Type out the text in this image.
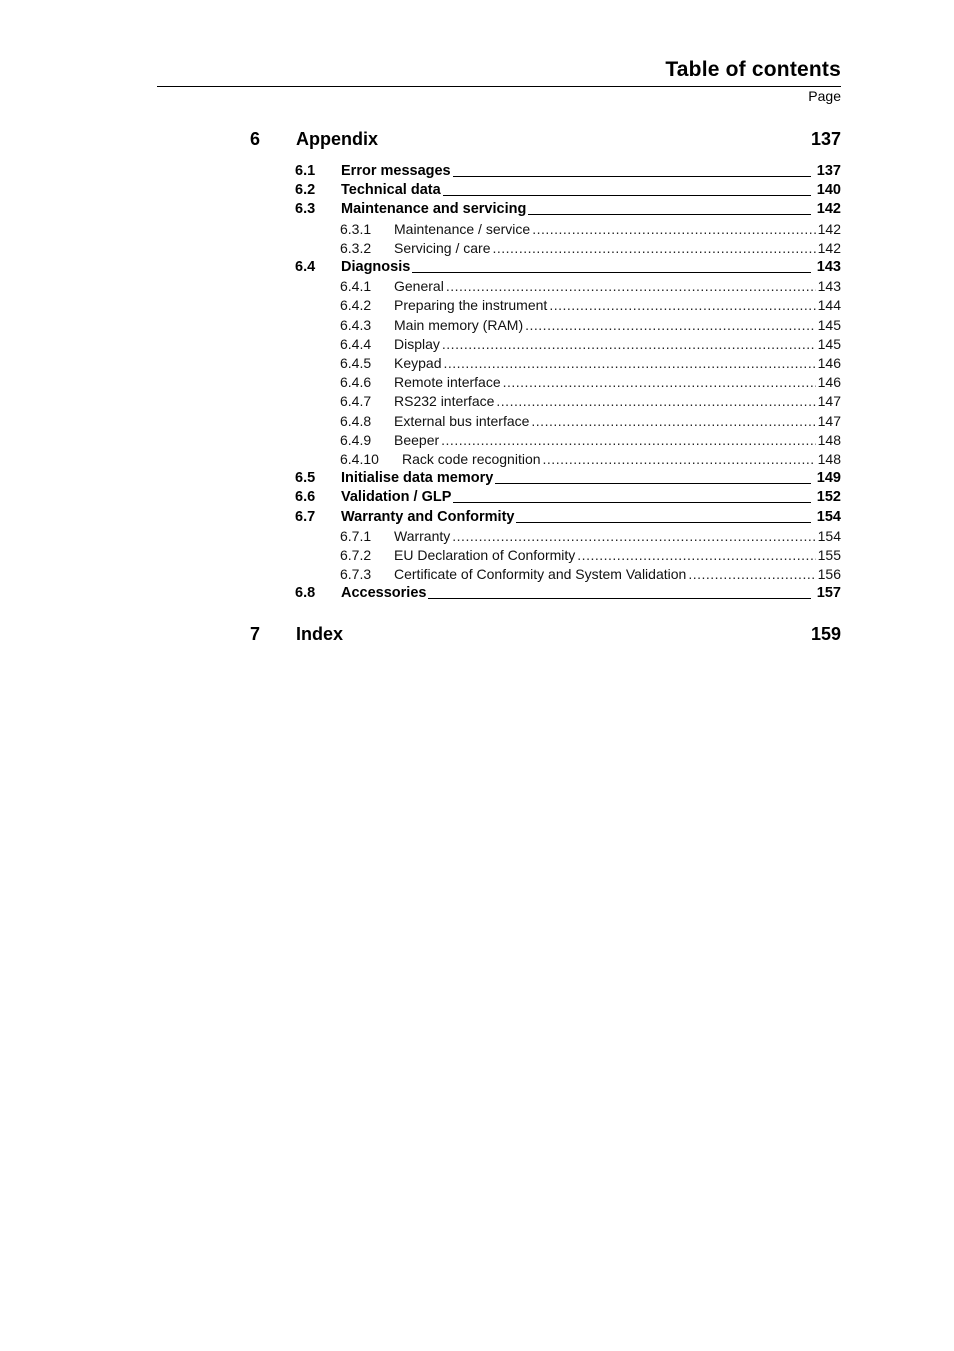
Table of contents
Page
6 Appendix	137
6.1	Error messages	137
6.2	Technical data	140
6.3	Maintenance and servicing	142
6.3.1	Maintenance / service .....	142
6.3.2	Servicing / care .....	142
6.4	Diagnosis	143
6.4.1	General .....	143
6.4.2	Preparing the instrument .....	144
6.4.3	Main memory (RAM) .....	145
6.4.4	Display .....	145
6.4.5	Keypad .....	146
6.4.6	Remote interface .....	146
6.4.7	RS232 interface .....	147
6.4.8	External bus interface .....	147
6.4.9	Beeper .....	148
6.4.10	Rack code recognition .....	148
6.5	Initialise data memory	149
6.6	Validation / GLP	152
6.7	Warranty and Conformity	154
6.7.1	Warranty .....	154
6.7.2	EU Declaration of Conformity .....	155
6.7.3	Certificate of Conformity and System Validation .....	156
6.8	Accessories	157
7 Index	159
